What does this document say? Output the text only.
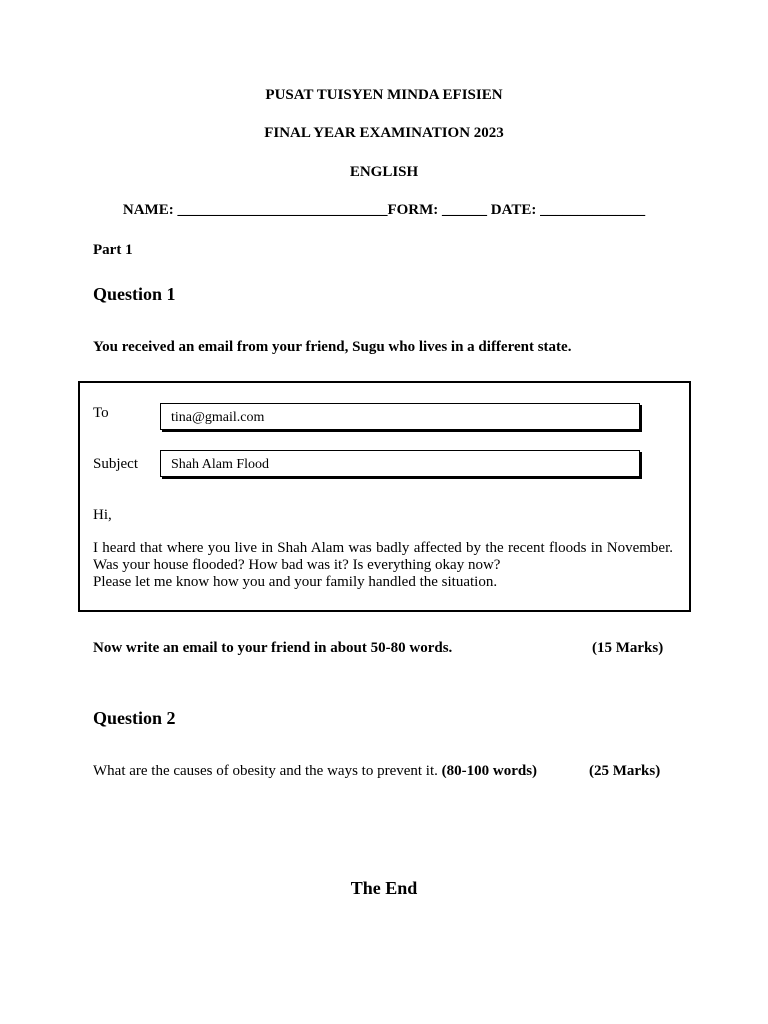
PUSAT TUISYEN MINDA EFISIEN
FINAL YEAR EXAMINATION 2023
ENGLISH
NAME: ____________________________FORM: ______ DATE: ______________
Part 1
Question 1
You received an email from your friend, Sugu who lives in a different state.
To	tina@gmail.com
Subject	Shah Alam Flood
Hi,

I heard that where you live in Shah Alam was badly affected by the recent floods in November. Was your house flooded? How bad was it? Is everything okay now?

Please let me know how you and your family handled the situation.

Now write an email to your friend in about 50-80 words.	(15 Marks)
Question 2
What are the causes of obesity and the ways to prevent it. (80-100 words)	(25 Marks)
The End
